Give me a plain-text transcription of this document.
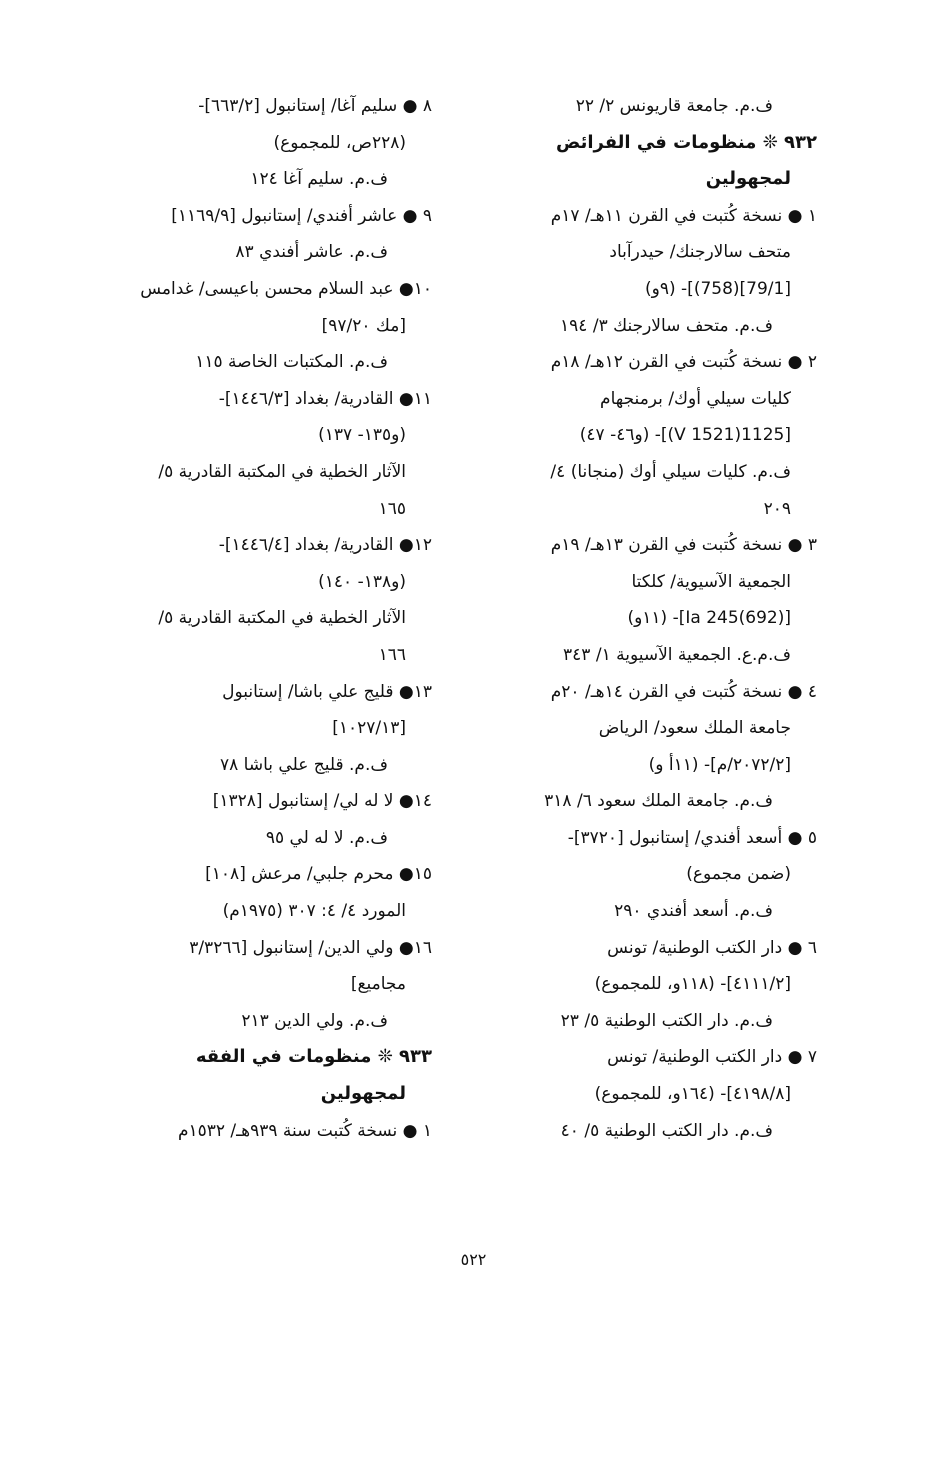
ف.م. جامعة قاريونس ٢/ ٢٢
٩٣٢ ❊ منظومات في الفرائض
لمجهولين
١ ● نسخة كُتبت في القرن ١١هـ/ ١٧م
متحف سالارجنك/ حيدرآباد
[79/1](758)]- (٩و)
ف.م. متحف سالارجنك ٣/ ١٩٤
٢ ● نسخة كُتبت في القرن ١٢هـ/ ١٨م
كليات سيلي أوك/ برمنجهام
[1125(1521 V)]- (و٤٦- ٤٧)
ف.م. كليات سيلي أوك (منجانا) ٤/
٢٠٩
٣ ● نسخة كُتبت في القرن ١٣هـ/ ١٩م
الجمعية الآسيوية/ كلكتا
[Ia 245(692)]- (١١و)
ف.م.ع. الجمعية الآسيوية ١/ ٣٤٣
٤ ● نسخة كُتبت في القرن ١٤هـ/ ٢٠م
جامعة الملك سعود/ الرياض
[٢٠٧٢/٢/م]- (١١أ و)
ف.م. جامعة الملك سعود ٦/ ٣١٨
٥ ● أسعد أفندي/ إستانبول [٣٧٢٠]-
(ضمن مجموع)
ف.م. أسعد أفندي ٢٩٠
٦ ● دار الكتب الوطنية/ تونس
[٤١١١/٢]- (١١٨و، للمجموع)
ف.م. دار الكتب الوطنية ٥/ ٢٣
٧ ● دار الكتب الوطنية/ تونس
[٤١٩٨/٨]- (١٦٤و، للمجموع)
ف.م. دار الكتب الوطنية ٥/ ٤٠
٨ ● سليم آغا/ إستانبول [٦٦٣/٢]-
(٢٢٨ص، للمجموع)
ف.م. سليم آغا ١٢٤
٩ ● عاشر أفندي/ إستانبول [١١٦٩/٩]
ف.م. عاشر أفندي ٨٣
١٠● عبد السلام محسن باعيسى/ غدامس
[مك ٩٧/٢٠]
ف.م. المكتبات الخاصة ١١٥
١١● القادرية/ بغداد [١٤٤٦/٣]-
(و١٣٥- ١٣٧)
الآثار الخطية في المكتبة القادرية ٥/
١٦٥
١٢● القادرية/ بغداد [١٤٤٦/٤]-
(و١٣٨- ١٤٠)
الآثار الخطية في المكتبة القادرية ٥/
١٦٦
١٣● قليج علي باشا/ إستانبول
[١٠٢٧/١٣]
ف.م. قليج علي باشا ٧٨
١٤● لا له لي/ إستانبول [١٣٢٨]
ف.م. لا له لي ٩٥
١٥● محرم جلبي/ مرعش [١٠٨]
المورد ٤/ ٤: ٣٠٧ (١٩٧٥م)
١٦● ولي الدين/ إستانبول [٣/٣٢٦٦
مجاميع]
ف.م. ولي الدين ٢١٣
٩٣٣ ❊ منظومات في الفقه
لمجهولين
١ ● نسخة كُتبت سنة ٩٣٩هـ/ ١٥٣٢م
٥٢٢
